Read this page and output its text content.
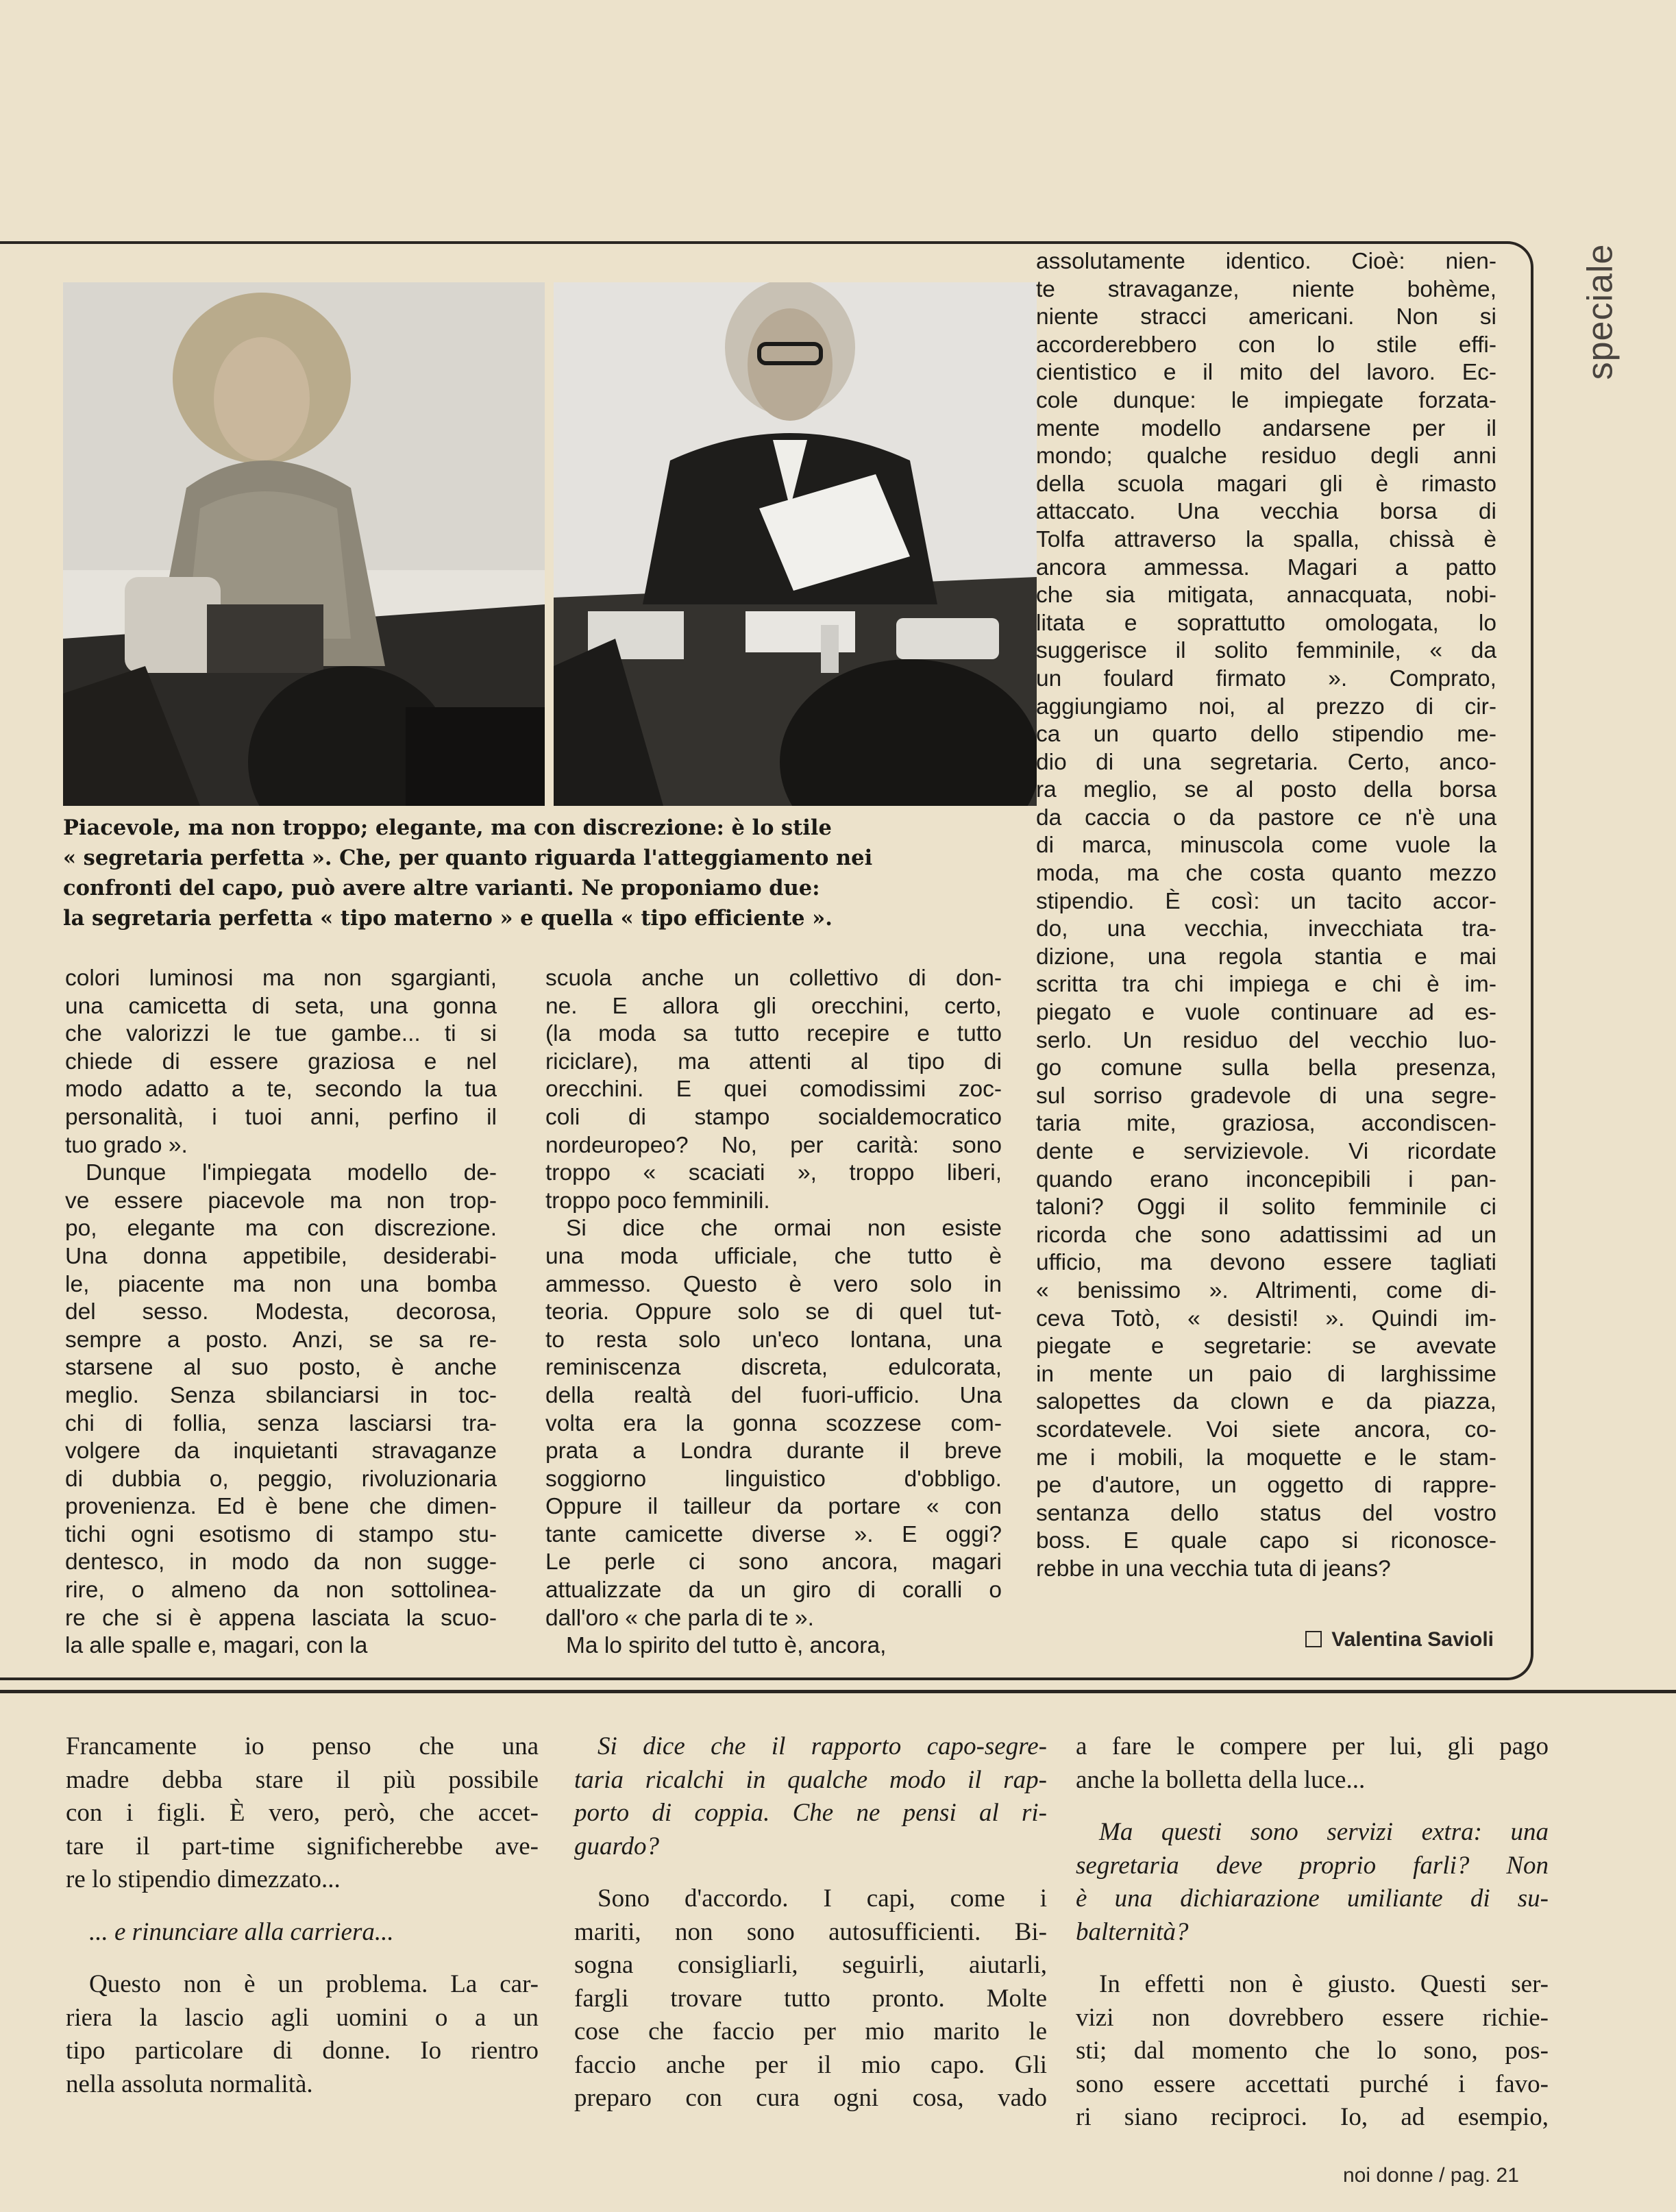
speciale
Piacevole, ma non troppo; elegante, ma con discrezione: è lo stile
« segretaria perfetta ». Che, per quanto riguarda l'atteggiamento nei
confronti del capo, può avere altre varianti. Ne proponiamo due:
la segretaria perfetta « tipo materno » e quella « tipo efficiente ».
colori luminosi ma non sgargianti,
una camicetta di seta, una gonna
che valorizzi le tue gambe... ti si
chiede di essere graziosa e nel
modo adatto a te, secondo la tua
personalità, i tuoi anni, perfino il
tuo grado ».
Dunque l'impiegata modello de-
ve essere piacevole ma non trop-
po, elegante ma con discrezione.
Una donna appetibile, desiderabi-
le, piacente ma non una bomba
del sesso. Modesta, decorosa,
sempre a posto. Anzi, se sa re-
starsene al suo posto, è anche
meglio. Senza sbilanciarsi in toc-
chi di follia, senza lasciarsi tra-
volgere da inquietanti stravaganze
di dubbia o, peggio, rivoluzionaria
provenienza. Ed è bene che dimen-
tichi ogni esotismo di stampo stu-
dentesco, in modo da non sugge-
rire, o almeno da non sottolinea-
re che si è appena lasciata la scuo-
la alle spalle e, magari, con la
scuola anche un collettivo di don-
ne. E allora gli orecchini, certo,
(la moda sa tutto recepire e tutto
riciclare), ma attenti al tipo di
orecchini. E quei comodissimi zoc-
coli di stampo socialdemocratico
nordeuropeo? No, per carità: sono
troppo « scaciati », troppo liberi,
troppo poco femminili.
Si dice che ormai non esiste
una moda ufficiale, che tutto è
ammesso. Questo è vero solo in
teoria. Oppure solo se di quel tut-
to resta solo un'eco lontana, una
reminiscenza discreta, edulcorata,
della realtà del fuori-ufficio. Una
volta era la gonna scozzese com-
prata a Londra durante il breve
soggiorno linguistico d'obbligo.
Oppure il tailleur da portare « con
tante camicette diverse ». E oggi?
Le perle ci sono ancora, magari
attualizzate da un giro di coralli o
dall'oro « che parla di te ».
Ma lo spirito del tutto è, ancora,
assolutamente identico. Cioè: nien-
te stravaganze, niente bohème,
niente stracci americani. Non si
accorderebbero con lo stile effi-
cientistico e il mito del lavoro. Ec-
cole dunque: le impiegate forzata-
mente modello andarsene per il
mondo; qualche residuo degli anni
della scuola magari gli è rimasto
attaccato. Una vecchia borsa di
Tolfa attraverso la spalla, chissà è
ancora ammessa. Magari a patto
che sia mitigata, annacquata, nobi-
litata e soprattutto omologata, lo
suggerisce il solito femminile, « da
un foulard firmato ». Comprato,
aggiungiamo noi, al prezzo di cir-
ca un quarto dello stipendio me-
dio di una segretaria. Certo, anco-
ra meglio, se al posto della borsa
da caccia o da pastore ce n'è una
di marca, minuscola come vuole la
moda, ma che costa quanto mezzo
stipendio. È così: un tacito accor-
do, una vecchia, invecchiata tra-
dizione, una regola stantia e mai
scritta tra chi impiega e chi è im-
piegato e vuole continuare ad es-
serlo. Un residuo del vecchio luo-
go comune sulla bella presenza,
sul sorriso gradevole di una segre-
taria mite, graziosa, accondiscen-
dente e servizievole. Vi ricordate
quando erano inconcepibili i pan-
taloni? Oggi il solito femminile ci
ricorda che sono adattissimi ad un
ufficio, ma devono essere tagliati
« benissimo ». Altrimenti, come di-
ceva Totò, « desisti! ». Quindi im-
piegate e segretarie: se avevate
in mente un paio di larghissime
salopettes da clown e da piazza,
scordatevele. Voi siete ancora, co-
me i mobili, la moquette e le stam-
pe d'autore, un oggetto di rappre-
sentanza dello status del vostro
boss. E quale capo si riconosce-
rebbe in una vecchia tuta di jeans?
Valentina Savioli
Francamente io penso che una
madre debba stare il più possibile
con i figli. È vero, però, che accet-
tare il part-time significherebbe ave-
re lo stipendio dimezzato...
... e rinunciare alla carriera...
Questo non è un problema. La car-
riera la lascio agli uomini o a un
tipo particolare di donne. Io rientro
nella assoluta normalità.
Si dice che il rapporto capo-segre-
taria ricalchi in qualche modo il rap-
porto di coppia. Che ne pensi al ri-
guardo?
Sono d'accordo. I capi, come i
mariti, non sono autosufficienti. Bi-
sogna consigliarli, seguirli, aiutarli,
fargli trovare tutto pronto. Molte
cose che faccio per mio marito le
faccio anche per il mio capo. Gli
preparo con cura ogni cosa, vado
a fare le compere per lui, gli pago
anche la bolletta della luce...
Ma questi sono servizi extra: una
segretaria deve proprio farli? Non
è una dichiarazione umiliante di su-
balternità?
In effetti non è giusto. Questi ser-
vizi non dovrebbero essere richie-
sti; dal momento che lo sono, pos-
sono essere accettati purché i favo-
ri siano reciproci. Io, ad esempio,
noi donne / pag. 21
